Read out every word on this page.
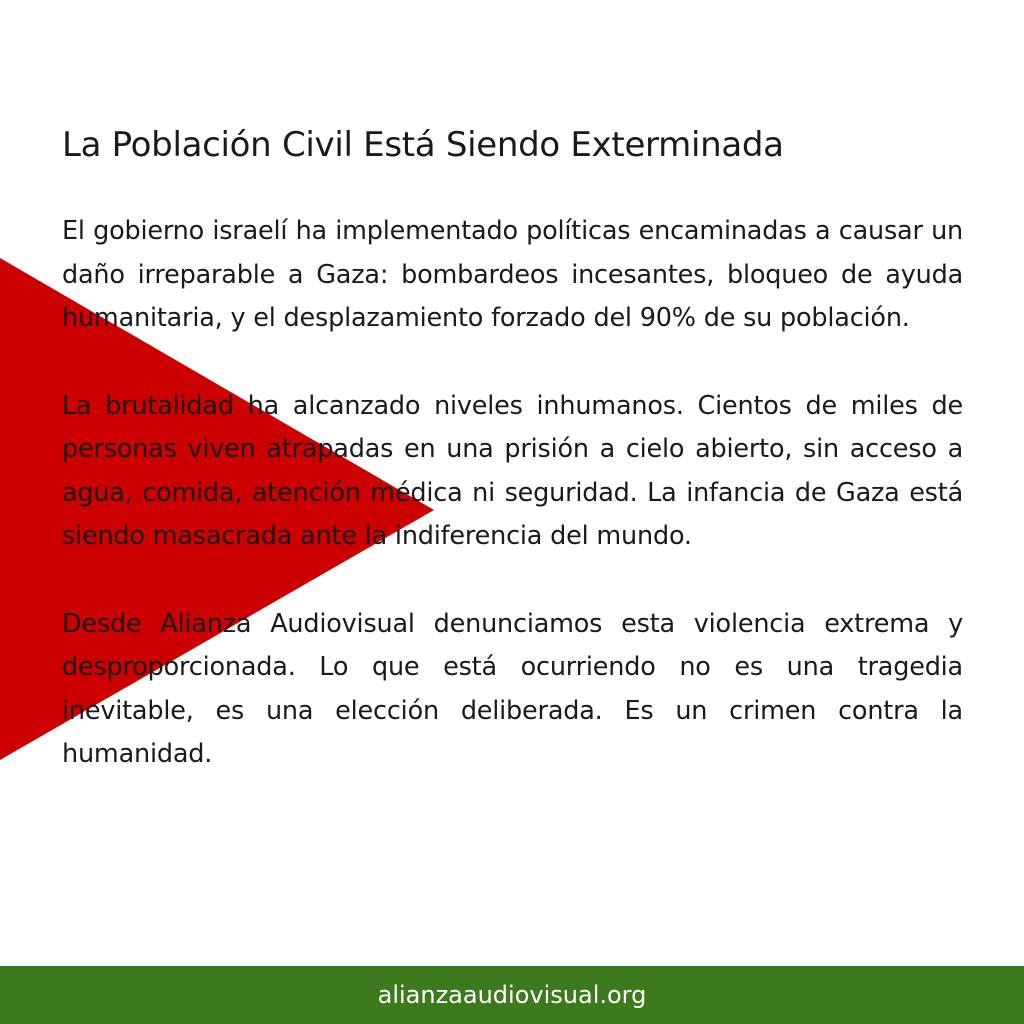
La Población Civil Está Siendo Exterminada

El gobierno israelí ha implementado políticas encaminadas a causar un daño irreparable a Gaza: bombardeos incesantes, bloqueo de ayuda humanitaria, y el desplazamiento forzado del 90% de su población.

La brutalidad ha alcanzado niveles inhumanos. Cientos de miles de personas viven atrapadas en una prisión a cielo abierto, sin acceso a agua, comida, atención médica ni seguridad. La infancia de Gaza está siendo masacrada ante la indiferencia del mundo.

Desde Alianza Audiovisual denunciamos esta violencia extrema y desproporcionada. Lo que está ocurriendo no es una tragedia inevitable, es una elección deliberada. Es un crimen contra la humanidad.

alianzaaudiovisual.org
